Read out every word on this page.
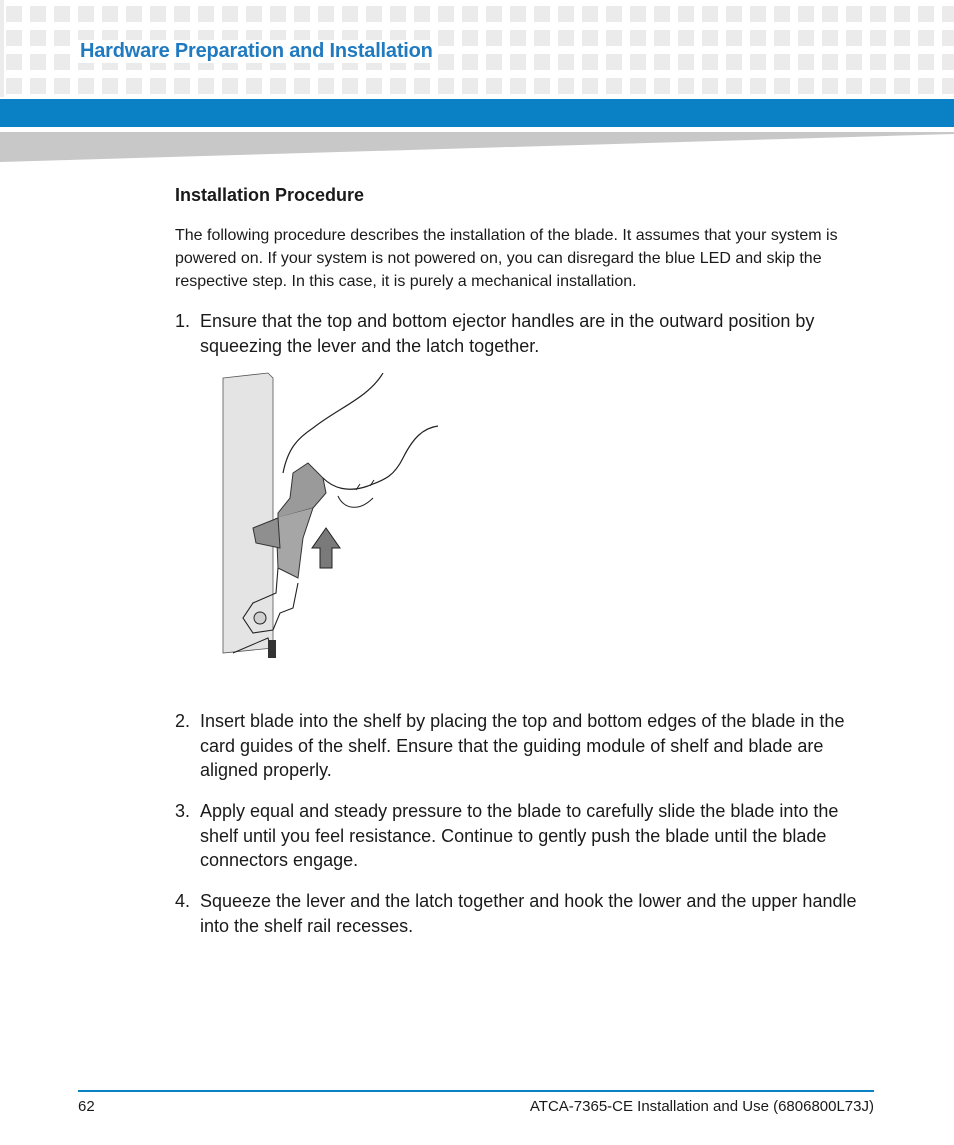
Hardware Preparation and Installation
Installation Procedure

The following procedure describes the installation of the blade. It assumes that your system is powered on. If your system is not powered on, you can disregard the blue LED and skip the respective step. In this case, it is purely a mechanical installation.

1. Ensure that the top and bottom ejector handles are in the outward position by squeezing the lever and the latch together.
2. Insert blade into the shelf by placing the top and bottom edges of the blade in the card guides of the shelf. Ensure that the guiding module of shelf and blade are aligned properly.
3. Apply equal and steady pressure to the blade to carefully slide the blade into the shelf until you feel resistance. Continue to gently push the blade until the blade connectors engage.
4. Squeeze the lever and the latch together and hook the lower and the upper handle into the shelf rail recesses.
62	ATCA-7365-CE Installation and Use (6806800L73J)
